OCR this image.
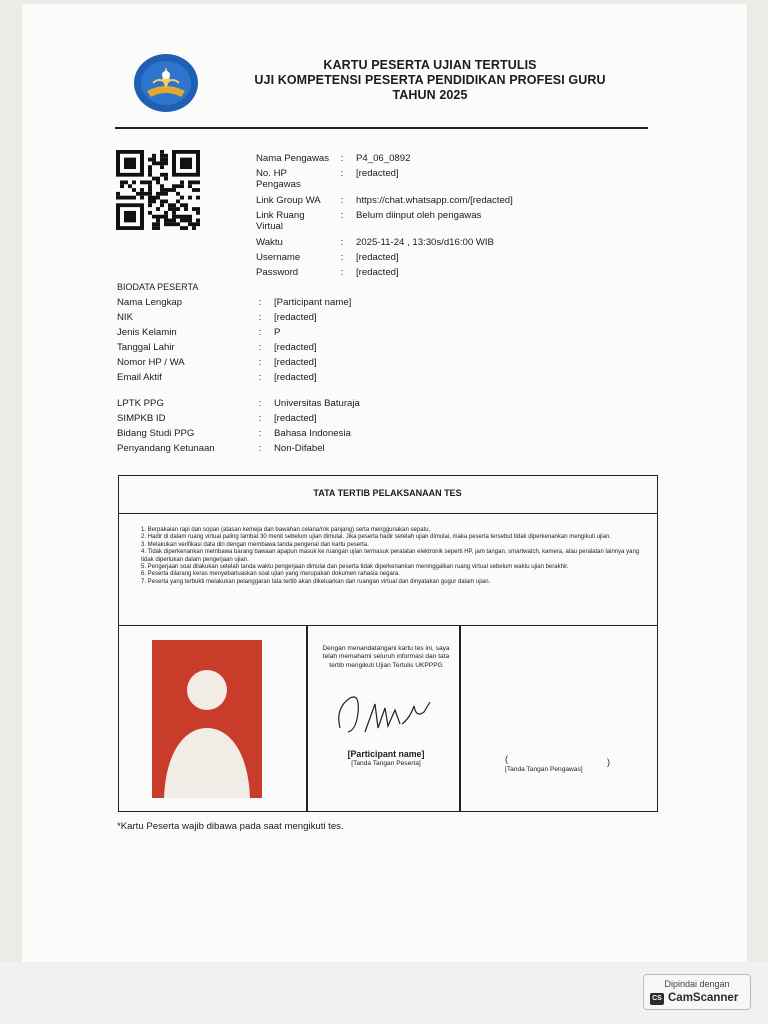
KARTU PESERTA UJIAN TERTULIS
UJI KOMPETENSI PESERTA PENDIDIKAN PROFESI GURU
TAHUN 2025
Nama Pengawas : P4_06_0892
No. HP Pengawas
: [redacted]
Link Group WA : https://chat.whatsapp.com/[redacted]
Link Ruang Virtual
: Belum diinput oleh pengawas
Waktu	: 2025-11-24 , 13:30s/d16:00 WIB
Username	: [redacted]
Password	: [redacted]
BIODATA PESERTA
Nama Lengkap	: [Participant name]
NIK	: [redacted]
Jenis Kelamin	: P
Tanggal Lahir	: [redacted]
Nomor HP / WA	: [redacted]
Email Aktif	: [redacted]
LPTK PPG	: Universitas Baturaja
SIMPKB ID	: [redacted]
Bidang Studi PPG	: Bahasa Indonesia
Penyandang Ketunaan	: Non-Difabel
TATA TERTIB PELAKSANAAN TES
1. Berpakaian rapi dan sopan (atasan kemeja dan bawahan celana/rok panjang) serta menggunakan sepatu.
2. Hadir di dalam ruang virtual paling lambat 30 menit sebelum ujian dimulai. Jika peserta hadir setelah ujian dimulai, maka peserta tersebut tidak diperkenankan mengikuti ujian.
3. Melakukan verifikasi data diri dengan membawa tanda pengenal dan kartu peserta.
4. Tidak diperkenankan membawa barang bawaan apapun masuk ke ruangan ujian termasuk peralatan elektronik seperti HP, jam tangan, smartwatch, kamera, atau peralatan lainnya yang tidak diperlukan dalam pengerjaan ujian.
5. Pengerjaan soal dilakukan setelah tanda waktu pengerjaan dimulai dan peserta tidak diperkenankan meninggalkan ruang virtual sebelum waktu ujian berakhir.
6. Peserta dilarang keras menyebarluaskan soal ujian yang merupakan dokumen rahasia negara.
7. Peserta yang terbukti melakukan pelanggaran tata tertib akan dikeluarkan dari ruangan virtual dan dinyatakan gugur dalam ujian.
Dengan menandatangani kartu tes ini, saya telah memahami seluruh informasi dan tata tertib mengikuti Ujian Tertulis UKPPPG
[Participant name]
[Tanda Tangan Peserta]	(	)
[Tanda Tangan Pengawas]
*Kartu Peserta wajib dibawa pada saat mengikuti tes.
Dipindai dengan
CS CamScanner
